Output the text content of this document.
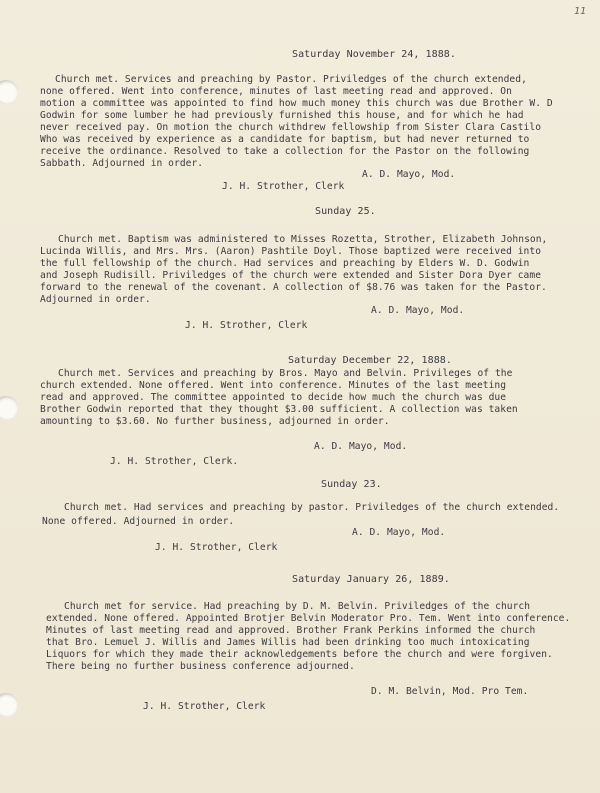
11
Saturday November 24, 1888.
Church met. Services and preaching by Pastor. Priviledges of the church extended,
none offered. Went into conference, minutes of last meeting read and approved. On
motion a committee was appointed to find how much money this church was due Brother W. D
Godwin for some lumber he had previously furnished this house, and for which he had
never received pay. On motion the church withdrew fellowship from Sister Clara Castilo
Who was received by experience as a candidate for baptism, but had never returned to
receive the ordinance. Resolved to take a collection for the Pastor on the following
Sabbath. Adjourned in order.
A. D. Mayo, Mod.
J. H. Strother, Clerk
Sunday 25.
Church met. Baptism was administered to Misses Rozetta, Strother, Elizabeth Johnson,
Lucinda Willis, and Mrs. Mrs. (Aaron) Pashtile Doyl. Those baptized were received into
the full fellowship of the church. Had services and preaching by Elders W. D. Godwin
and Joseph Rudisill. Priviledges of the church were extended and Sister Dora Dyer came
forward to the renewal of the covenant. A collection of $8.76 was taken for the Pastor.
Adjourned in order.
A. D. Mayo, Mod.
J. H. Strother, Clerk
Saturday December 22, 1888.
Church met. Services and preaching by Bros. Mayo and Belvin. Privileges of the
church extended. None offered. Went into conference. Minutes of the last meeting
read and approved. The committee appointed to decide how much the church was due
Brother Godwin reported that they thought $3.00 sufficient. A collection was taken
amounting to $3.60. No further business, adjourned in order.
A. D. Mayo, Mod.
J. H. Strother, Clerk.
Sunday 23.
Church met. Had services and preaching by pastor. Priviledges of the church extended.
None offered. Adjourned in order.
A. D. Mayo, Mod.
J. H. Strother, Clerk
Saturday January 26, 1889.
Church met for service. Had preaching by D. M. Belvin. Priviledges of the church
extended. None offered. Appointed Brotjer Belvin Moderator Pro. Tem. Went into conference.
Minutes of last meeting read and approved. Brother Frank Perkins informed the church
that Bro. Lemuel J. Willis and James Willis had been drinking too much intoxicating
Liquors for which they made their acknowledgements before the church and were forgiven.
There being no further business conference adjourned.
D. M. Belvin, Mod. Pro Tem.
J. H. Strother, Clerk
